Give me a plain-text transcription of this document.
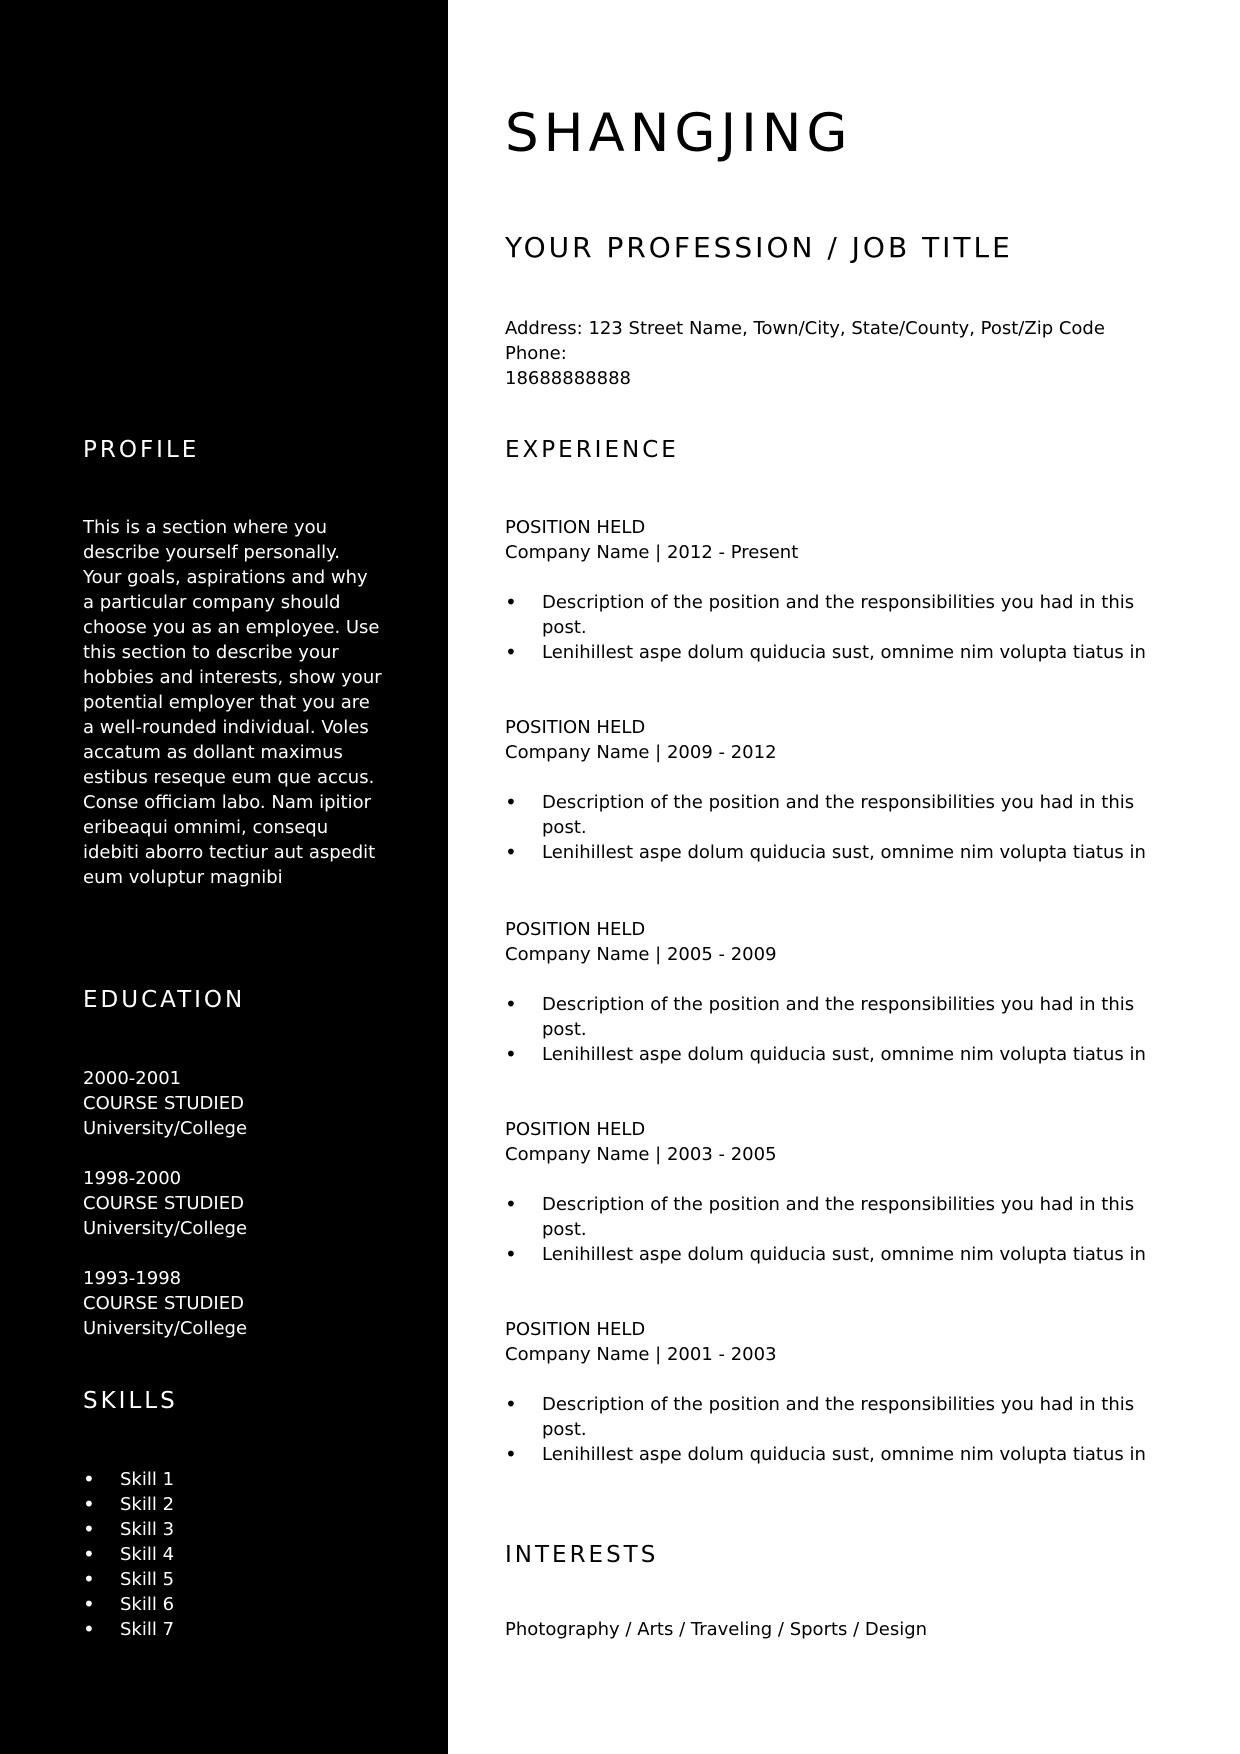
PROFILE
This is a section where you describe yourself personally. Your goals, aspirations and why a particular company should choose you as an employee. Use this section to describe your hobbies and interests, show your potential employer that you are a well-rounded individual. Voles accatum as dollant maximus estibus reseque eum que accus. Conse officiam labo. Nam ipitior eribeaqui omnimi, consequ idebiti aborro tectiur aut aspedit eum voluptur magnibi
EDUCATION
2000-2001
COURSE STUDIED
University/College
1998-2000
COURSE STUDIED
University/College
1993-1998
COURSE STUDIED
University/College
SKILLS
• Skill 1
• Skill 2
• Skill 3
• Skill 4
• Skill 5
• Skill 6
• Skill 7
SHANGJING
YOUR PROFESSION / JOB TITLE
Address: 123 Street Name, Town/City, State/County, Post/Zip Code
Phone:
18688888888
EXPERIENCE
POSITION HELD
Company Name | 2012 - Present
• Description of the position and the responsibilities you had in this post.
• Lenihillest aspe dolum quiducia sust, omnime nim volupta tiatus in
POSITION HELD
Company Name | 2009 - 2012
• Description of the position and the responsibilities you had in this post.
• Lenihillest aspe dolum quiducia sust, omnime nim volupta tiatus in
POSITION HELD
Company Name | 2005 - 2009
• Description of the position and the responsibilities you had in this post.
• Lenihillest aspe dolum quiducia sust, omnime nim volupta tiatus in
POSITION HELD
Company Name | 2003 - 2005
• Description of the position and the responsibilities you had in this post.
• Lenihillest aspe dolum quiducia sust, omnime nim volupta tiatus in
POSITION HELD
Company Name | 2001 - 2003
• Description of the position and the responsibilities you had in this post.
• Lenihillest aspe dolum quiducia sust, omnime nim volupta tiatus in
INTERESTS
Photography / Arts / Traveling / Sports / Design
